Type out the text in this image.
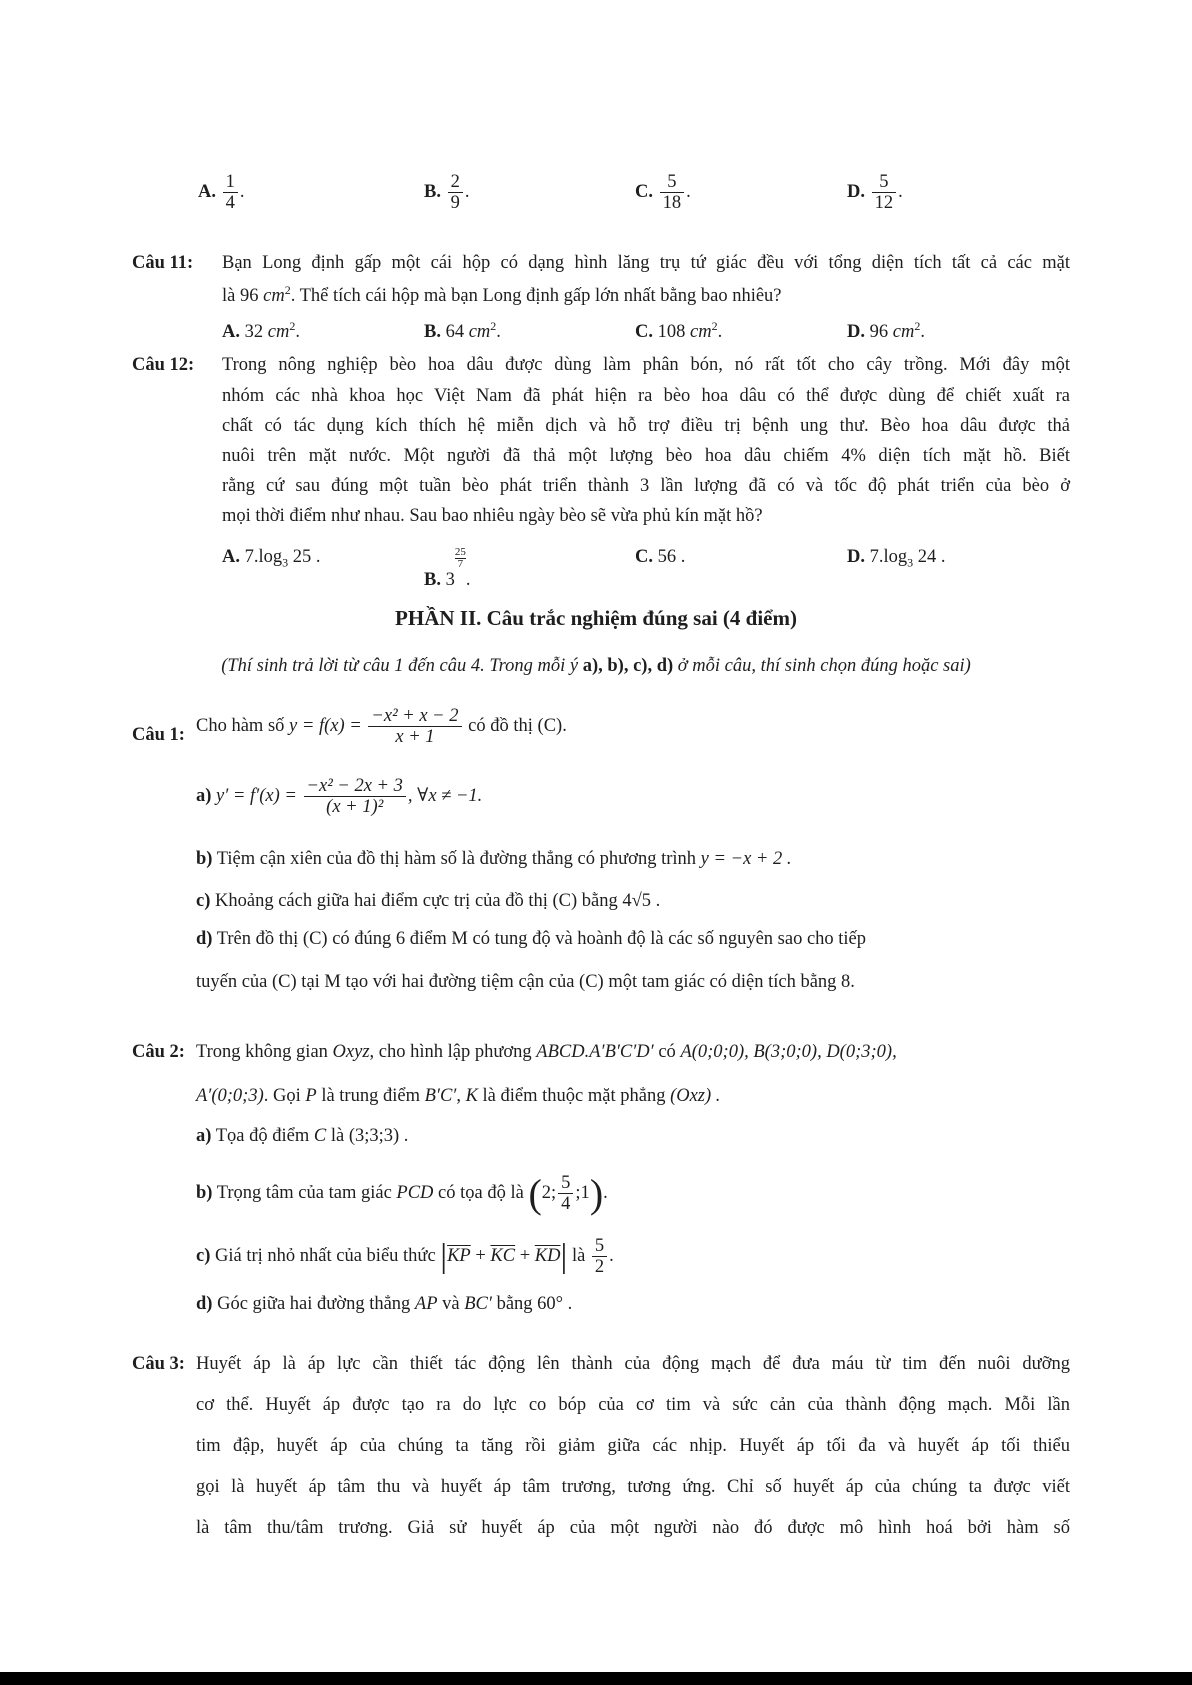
A. $\frac{1}{4}$ .	B. $\frac{2}{9}$ .	C. $\frac{5}{18}$ .	D. $\frac{5}{12}$ .
Câu 11: Bạn Long định gấp một cái hộp có dạng hình lăng trụ tứ giác đều với tổng diện tích tất cả các mặt
là 96 $cm^2$. Thể tích cái hộp mà bạn Long định gấp lớn nhất bằng bao nhiêu?
A. 32 $cm^2$.	B. 64 $cm^2$.	C. 108 $cm^2$.	D. 96 $cm^2$.
Câu 12: Trong nông nghiệp bèo hoa dâu được dùng làm phân bón, nó rất tốt cho cây trồng. Mới đây một
nhóm các nhà khoa học Việt Nam đã phát hiện ra bèo hoa dâu có thể được dùng để chiết xuất ra
chất có tác dụng kích thích hệ miễn dịch và hỗ trợ điều trị bệnh ung thư. Bèo hoa dâu được thả
nuôi trên mặt nước. Một người đã thả một lượng bèo hoa dâu chiếm 4% diện tích mặt hồ. Biết
rằng cứ sau đúng một tuần bèo phát triển thành 3 lần lượng đã có và tốc độ phát triển của bèo ở
mọi thời điểm như nhau. Sau bao nhiêu ngày bèo sẽ vừa phủ kín mặt hồ?
A. $7.\log_3$ 25 .
B. 3
$\frac{25}{7}$
.
C. 56 .	D. $7.\log_3$ 24 .
PHẦN II. Câu trắc nghiệm đúng sai (4 điểm)
(Thí sinh trả lời từ câu 1 đến câu 4. Trong mỗi ý a), b), c), d) ở mỗi câu, thí sinh chọn đúng hoặc sai)
Câu 1: Cho hàm số $y = f(x) = \frac{\text{−x² + x − 2}}{x + 1}$ có đồ thị (C).
a) $y' = f'(x) = \frac{\text{−x² − 2x + 3}}{\text{(x + 1)²}}$ , ∀x ≠ −1.
b) Tiệm cận xiên của đồ thị hàm số là đường thẳng có phương trình y = −x + 2 .
c) Khoảng cách giữa hai điểm cực trị của đồ thị (C) bằng 4√5 .
d) Trên đồ thị (C) có đúng 6 điểm M có tung độ và hoành độ là các số nguyên sao cho tiếp
tuyến của (C) tại M tạo với hai đường tiệm cận của (C) một tam giác có diện tích bằng 8.
Câu 2: Trong không gian Oxyz, cho hình lập phương ABCD.A′B′C′D′ có A(0;0;0), B(3;0;0), D(0;3;0),
A′(0;0;3). Gọi P là trung điểm B′C′, K là điểm thuộc mặt phẳng (Oxz) .
a) Tọa độ điểm C là (3;3;3) .
b) Trọng tâm của tam giác PCD có tọa độ là (2; $\frac{5}{4}$ ;1).
c) Giá trị nhỏ nhất của biểu thức $|\overline{KP} + \overline{KC} + \overline{KD}|$ là $\frac{5}{2}$ .
d) Góc giữa hai đường thẳng AP và BC′ bằng 60° .
Câu 3: Huyết áp là áp lực cần thiết tác động lên thành của động mạch để đưa máu từ tim đến nuôi dưỡng
cơ thể. Huyết áp được tạo ra do lực co bóp của cơ tim và sức cản của thành động mạch. Mỗi lần
tim đập, huyết áp của chúng ta tăng rồi giảm giữa các nhịp. Huyết áp tối đa và huyết áp tối thiểu
gọi là huyết áp tâm thu và huyết áp tâm trương, tương ứng. Chỉ số huyết áp của chúng ta được viết
là tâm thu/tâm trương. Giả sử huyết áp của một người nào đó được mô hình hoá bởi hàm số
